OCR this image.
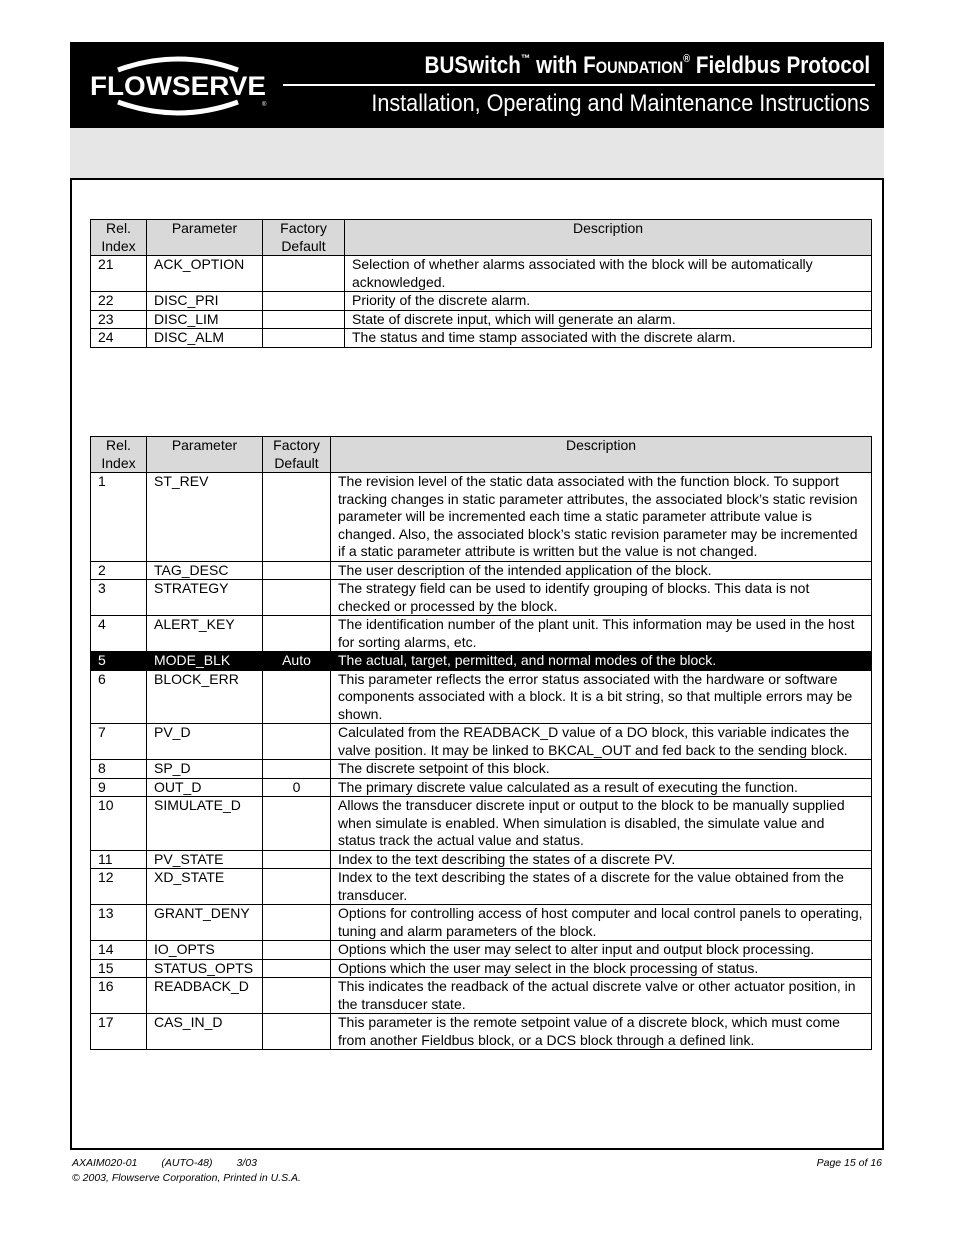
FLOWSERVE
®
BUSwitch™ with FOUNDATION® Fieldbus Protocol
Installation, Operating and Maintenance Instructions
Rel. Index	Parameter	Factory Default	Description
21	ACK_OPTION		Selection of whether alarms associated with the block will be automatically acknowledged.
22	DISC_PRI		Priority of the discrete alarm.
23	DISC_LIM		State of discrete input, which will generate an alarm.
24	DISC_ALM		The status and time stamp associated with the discrete alarm.
Rel. Index	Parameter	Factory Default	Description
1	ST_REV		The revision level of the static data associated with the function block. To support tracking changes in static parameter attributes, the associated block’s static revision parameter will be incremented each time a static parameter attribute value is changed. Also, the associated block’s static revision parameter may be incremented if a static parameter attribute is written but the value is not changed.
2	TAG_DESC		The user description of the intended application of the block.
3	STRATEGY		The strategy field can be used to identify grouping of blocks. This data is not checked or processed by the block.
4	ALERT_KEY		The identification number of the plant unit. This information may be used in the host for sorting alarms, etc.
5	MODE_BLK	Auto	The actual, target, permitted, and normal modes of the block.
6	BLOCK_ERR		This parameter reflects the error status associated with the hardware or software components associated with a block. It is a bit string, so that multiple errors may be shown.
7	PV_D		Calculated from the READBACK_D value of a DO block, this variable indicates the valve position. It may be linked to BKCAL_OUT and fed back to the sending block.
8	SP_D		The discrete setpoint of this block.
9	OUT_D	0	The primary discrete value calculated as a result of executing the function.
10	SIMULATE_D		Allows the transducer discrete input or output to the block to be manually supplied when simulate is enabled. When simulation is disabled, the simulate value and status track the actual value and status.
11	PV_STATE		Index to the text describing the states of a discrete PV.
12	XD_STATE		Index to the text describing the states of a discrete for the value obtained from the transducer.
13	GRANT_DENY		Options for controlling access of host computer and local control panels to operating, tuning and alarm parameters of the block.
14	IO_OPTS		Options which the user may select to alter input and output block processing.
15	STATUS_OPTS		Options which the user may select in the block processing of status.
16	READBACK_D		This indicates the readback of the actual discrete valve or other actuator position, in the transducer state.
17	CAS_IN_D		This parameter is the remote setpoint value of a discrete block, which must come from another Fieldbus block, or a DCS block through a defined link.
AXAIM020-01 (AUTO-48) 3/03
© 2003, Flowserve Corporation, Printed in U.S.A.
Page 15 of 16
